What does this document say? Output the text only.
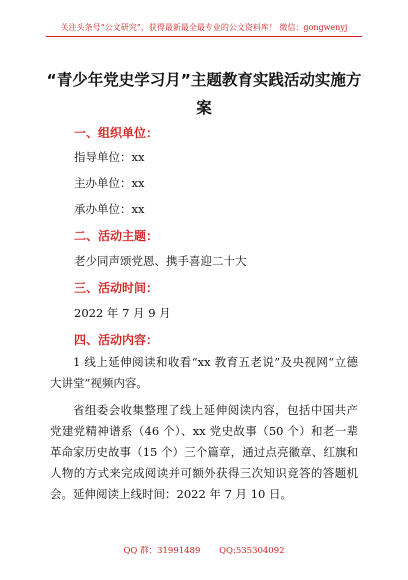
关注头条号“公文研究”，获得最新最全最专业的公文资料库！ 微信：gongwenyj
“青少年党史学习月”主题教育实践活动实施方案
一、组织单位：
指导单位：xx
主办单位：xx
承办单位：xx
二、活动主题：
老少同声颂党恩、携手喜迎二十大
三、活动时间：
2022 年 7 月 9 月
四、活动内容：
1 线上延伸阅读和收看“xx 教育五老说”及央视网“立德大讲堂”视频内容。
省组委会收集整理了线上延伸阅读内容，包括中国共产党建党精神谱系（46 个）、xx 党史故事（50 个）和老一辈革命家历史故事（15 个）三个篇章，通过点亮徽章、红旗和人物的方式来完成阅读并可额外获得三次知识竞答的答题机会。延伸阅读上线时间：2022 年 7 月 10 日。
QQ 群：31991489 QQ:535304092
